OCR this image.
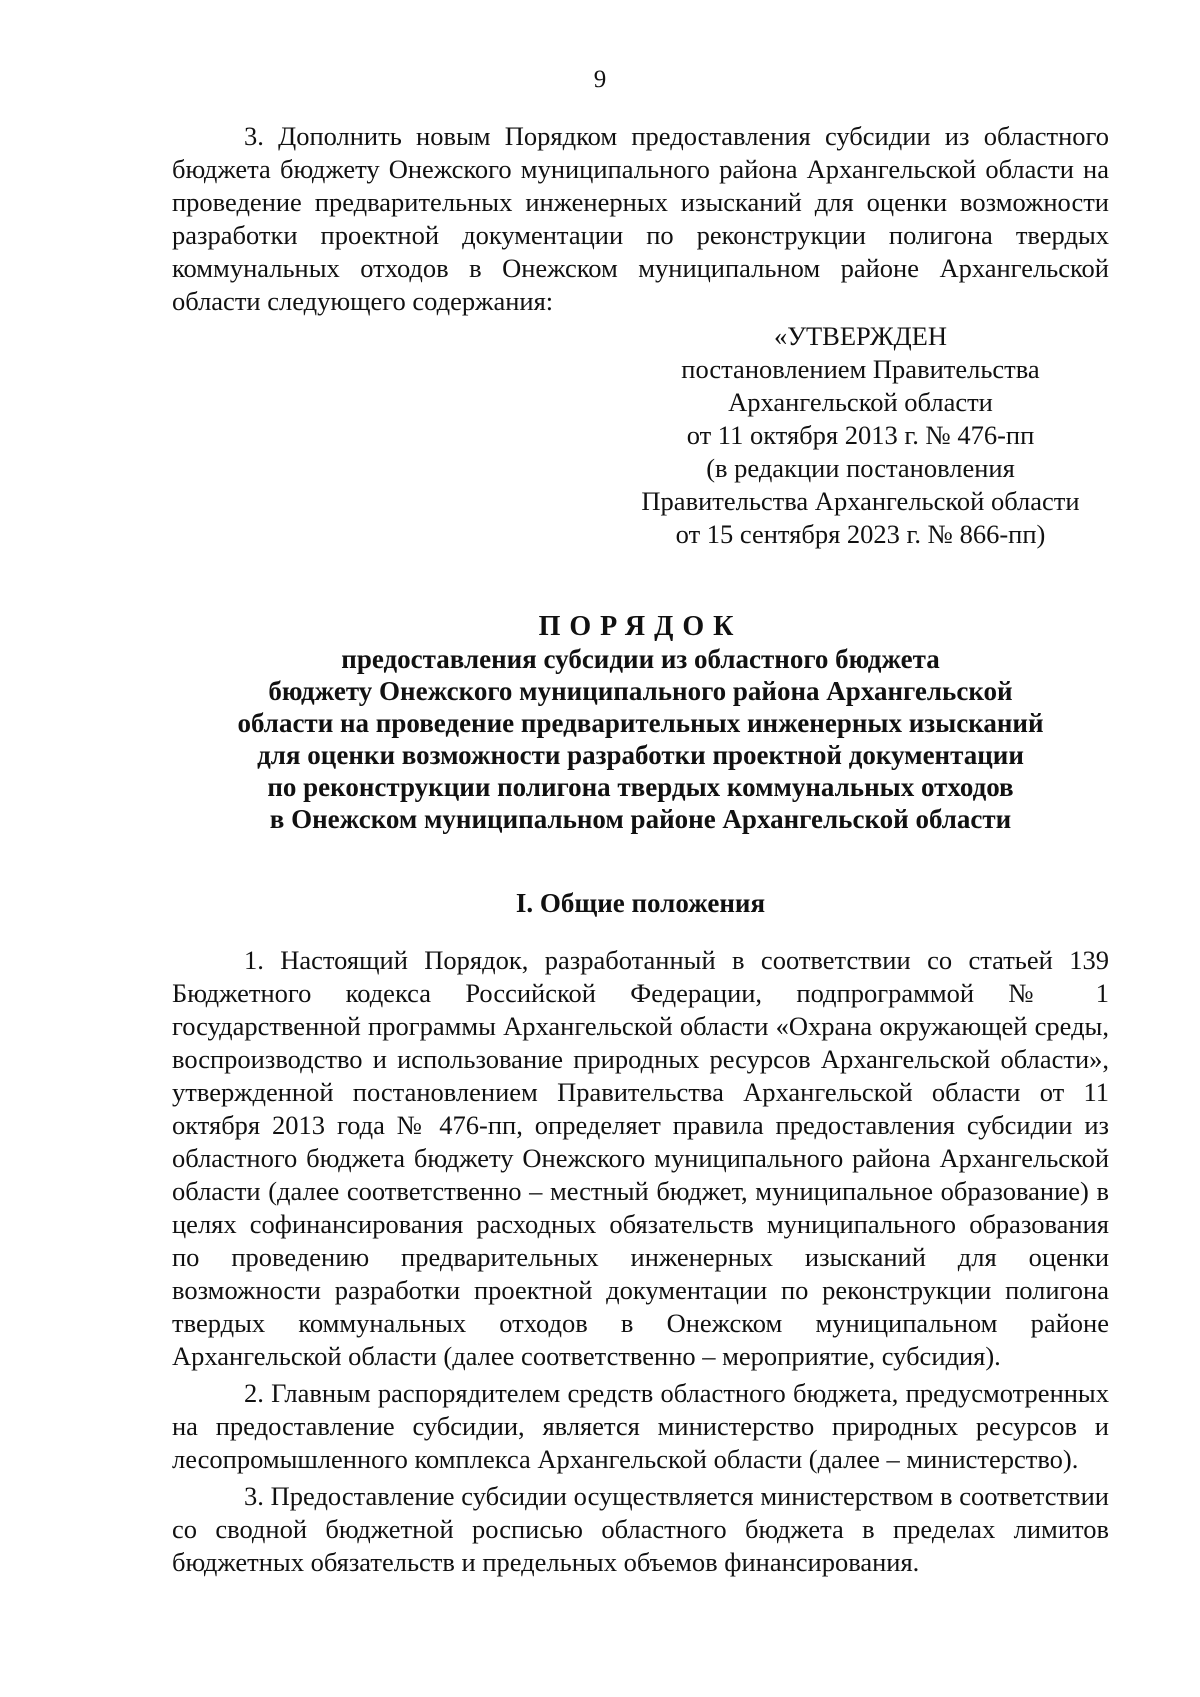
9

3. Дополнить новым Порядком предоставления субсидии из областного бюджета бюджету Онежского муниципального района Архангельской области на проведение предварительных инженерных изысканий для оценки возможности разработки проектной документации по реконструкции полигона твердых коммунальных отходов в Онежском муниципальном районе Архангельской области следующего содержания:

«УТВЕРЖДЕН
постановлением Правительства
Архангельской области
от 11 октября 2013 г. № 476-пп
(в редакции постановления
Правительства Архангельской области
от 15 сентября 2023 г. № 866-пп)
ПОРЯДОК
предоставления субсидии из областного бюджета
бюджету Онежского муниципального района Архангельской
области на проведение предварительных инженерных изысканий
для оценки возможности разработки проектной документации
по реконструкции полигона твердых коммунальных отходов
в Онежском муниципальном районе Архангельской области
I. Общие положения

1. Настоящий Порядок, разработанный в соответствии со статьей 139 Бюджетного кодекса Российской Федерации, подпрограммой № 1 государственной программы Архангельской области «Охрана окружающей среды, воспроизводство и использование природных ресурсов Архангельской области», утвержденной постановлением Правительства Архангельской области от 11 октября 2013 года № 476-пп, определяет правила предоставления субсидии из областного бюджета бюджету Онежского муниципального района Архангельской области (далее соответственно – местный бюджет, муниципальное образование) в целях софинансирования расходных обязательств муниципального образования по проведению предварительных инженерных изысканий для оценки возможности разработки проектной документации по реконструкции полигона твердых коммунальных отходов в Онежском муниципальном районе Архангельской области (далее соответственно – мероприятие, субсидия).

2. Главным распорядителем средств областного бюджета, предусмотренных на предоставление субсидии, является министерство природных ресурсов и лесопромышленного комплекса Архангельской области (далее – министерство).

3. Предоставление субсидии осуществляется министерством в соответствии со сводной бюджетной росписью областного бюджета в пределах лимитов бюджетных обязательств и предельных объемов финансирования.
